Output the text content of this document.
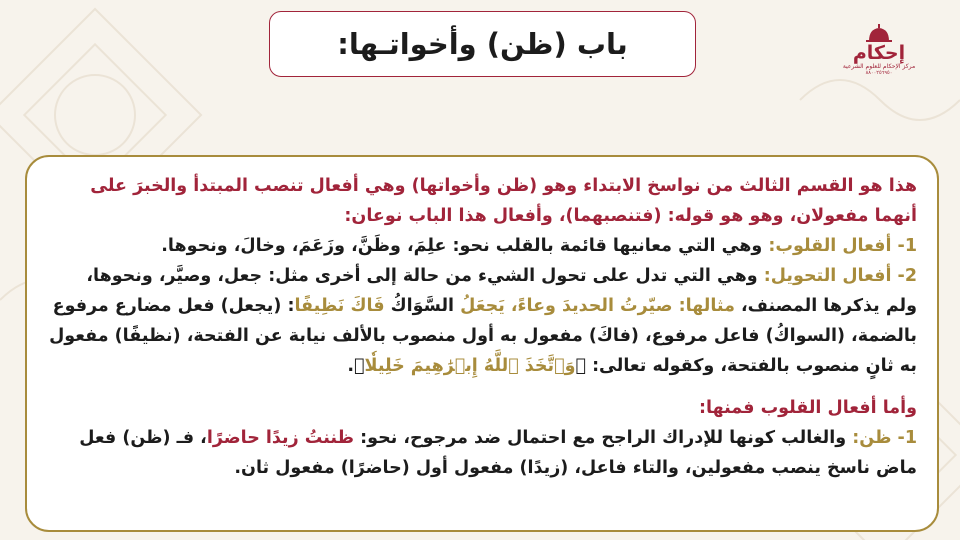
باب (ظن) وأخواتـها:	إحكام
مركز الإحكام للعلوم الشرعية
٨٨٠٠٢٥٦٩٥٠

هذا هو القسم الثالث من نواسخ الابتداء وهو (ظن وأخواتها) وهي أفعال تنصب المبتدأ والخبرَ على

أنهما مفعولان، وهو هو قوله: (فتنصبهما)، وأفعال هذا الباب نوعان:

1- أفعال القلوب: وهي التي معانيها قائمة بالقلب نحو: علِمَ، وظَنَّ، وزَعَمَ، وخالَ، ونحوها.

2- أفعال التحويل: وهي التي تدل على تحول الشيء من حالة إلى أخرى مثل: جعل، وصيَّر، ونحوها،

ولم يذكرها المصنف، مثالها: صيّرتُ الحديدَ وعاءً، يَجعَلُ السَّوَاكُ فَاكَ نَظِيفًا: (يجعل) فعل مضارع مرفوع

بالضمة، (السواكُ) فاعل مرفوع، (فاكَ) مفعول به أول منصوب بالألف نيابة عن الفتحة، (نظيفًا) مفعول

به ثانٍ منصوب بالفتحة، وكقوله تعالى: ﴿وَٱتَّخَذَ ٱللَّهُ إِبۡرَٰهِيمَ خَلِيلٗا﴾.

وأما أفعال القلوب فمنها:

1- ظن: والغالب كونها للإدراك الراجح مع احتمال ضد مرجوح، نحو: ظننتُ زيدًا حاضرًا، فـ (ظن) فعل

ماض ناسخ ينصب مفعولين، والتاء فاعل، (زيدًا) مفعول أول (حاضرًا) مفعول ثان.
